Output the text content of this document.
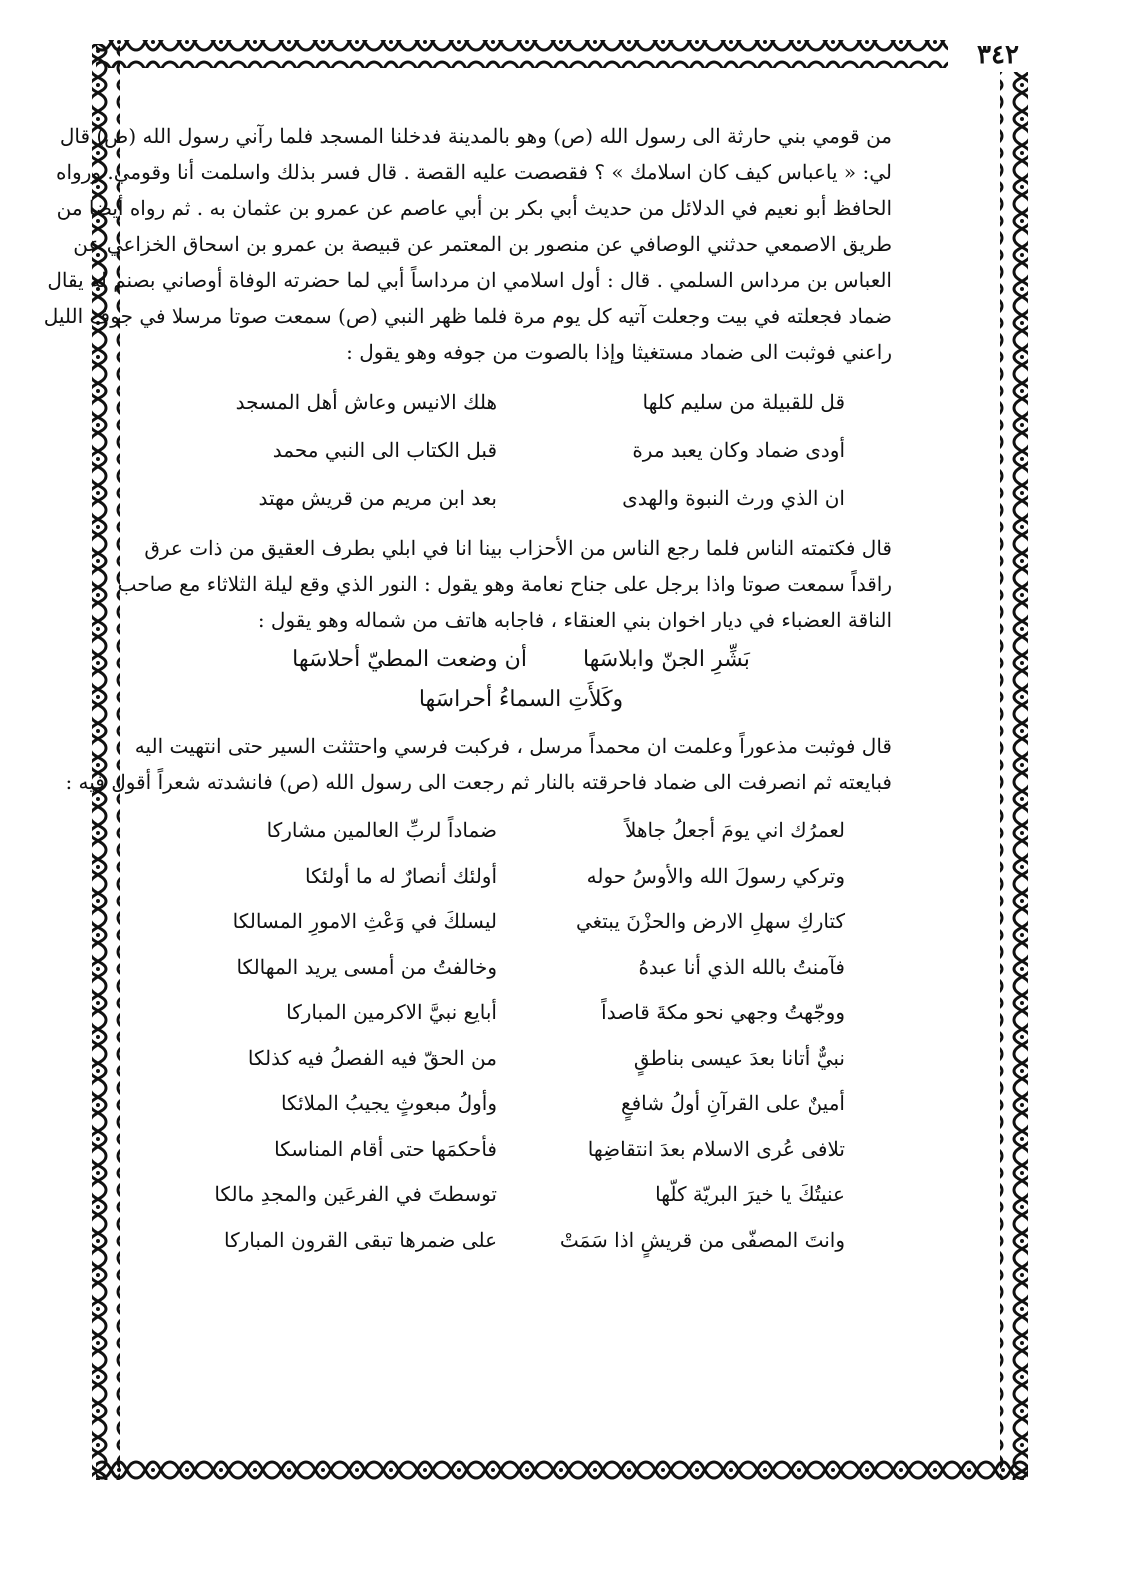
٣٤٢

من قومي بني حارثة الى رسول الله (ص) وهو بالمدينة فدخلنا المسجد فلما رآني رسول الله (ص) قال
لي: « ياعباس كيف كان اسلامك » ؟ فقصصت عليه القصة . قال فسر بذلك واسلمت أنا وقومي. ورواه
الحافظ أبو نعيم في الدلائل من حديث أبي بكر بن أبي عاصم عن عمرو بن عثمان به . ثم رواه أيضا من
طريق الاصمعي حدثني الوصافي عن منصور بن المعتمر عن قبيصة بن عمرو بن اسحاق الخزاعي عن
العباس بن مرداس السلمي . قال : أول اسلامي ان مرداساً أبي لما حضرته الوفاة أوصاني بصنم له يقال
ضماد فجعلته في بيت وجعلت آتيه كل يوم مرة فلما ظهر النبي (ص) سمعت صوتا مرسلا في جوف الليل
راعني فوثبت الى ضماد مستغيثا وإذا بالصوت من جوفه وهو يقول :

قل للقبيلة من سليم كلها
هلك الانيس وعاش أهل المسجد
أودى ضماد وكان يعبد مرة
قبل الكتاب الى النبي محمد
ان الذي ورث النبوة والهدى
بعد ابن مريم من قريش مهتد

قال فكتمته الناس فلما رجع الناس من الأحزاب بينا انا في ابلي بطرف العقيق من ذات عرق
راقداً سمعت صوتا واذا برجل على جناح نعامة وهو يقول : النور الذي وقع ليلة الثلاثاء مع صاحب
الناقة العضباء في ديار اخوان بني العنقاء ، فاجابه هاتف من شماله وهو يقول :

بَشِّرِ الجنّ وابلاسَها
أن وضعت المطيّ أحلاسَها
وكَلأَتِ السماءُ أحراسَها

قال فوثبت مذعوراً وعلمت ان محمداً مرسل ، فركبت فرسي واحتثثت السير حتى انتهيت اليه
فبايعته ثم انصرفت الى ضماد فاحرقته بالنار ثم رجعت الى رسول الله (ص) فانشدته شعراً أقول فيه :

لعمرُك اني يومَ أجعلُ جاهلاً
ضماداً لربِّ العالمين مشاركا
وتركي رسولَ الله والأوسُ حوله
أولئك أنصارٌ له ما أولئكا
كتاركِ سهلِ الارض والحزْنَ يبتغي
ليسلكَ في وَعْثِ الامورِ المسالكا
فآمنتُ بالله الذي أنا عبدهُ
وخالفتُ من أمسى يريد المهالكا
ووجّهتُ وجهي نحو مكةَ قاصداً
أبايع نبيَّ الاكرمين المباركا
نبيٌّ أتانا بعدَ عيسى بناطقٍ
من الحقّ فيه الفصلُ فيه كذلكا
أمينٌ على القرآنِ أولُ شافعٍ
وأولُ مبعوثٍ يجيبُ الملائكا
تلافى عُرى الاسلام بعدَ انتقاضِها
فأحكمَها حتى أقام المناسكا
عنيتُكَ يا خيرَ البريّة كلّها
توسطتَ في الفرعَين والمجدِ مالكا
وانتَ المصفّى من قريشٍ اذا سَمَتْ
على ضمرها تبقى القرون المباركا
